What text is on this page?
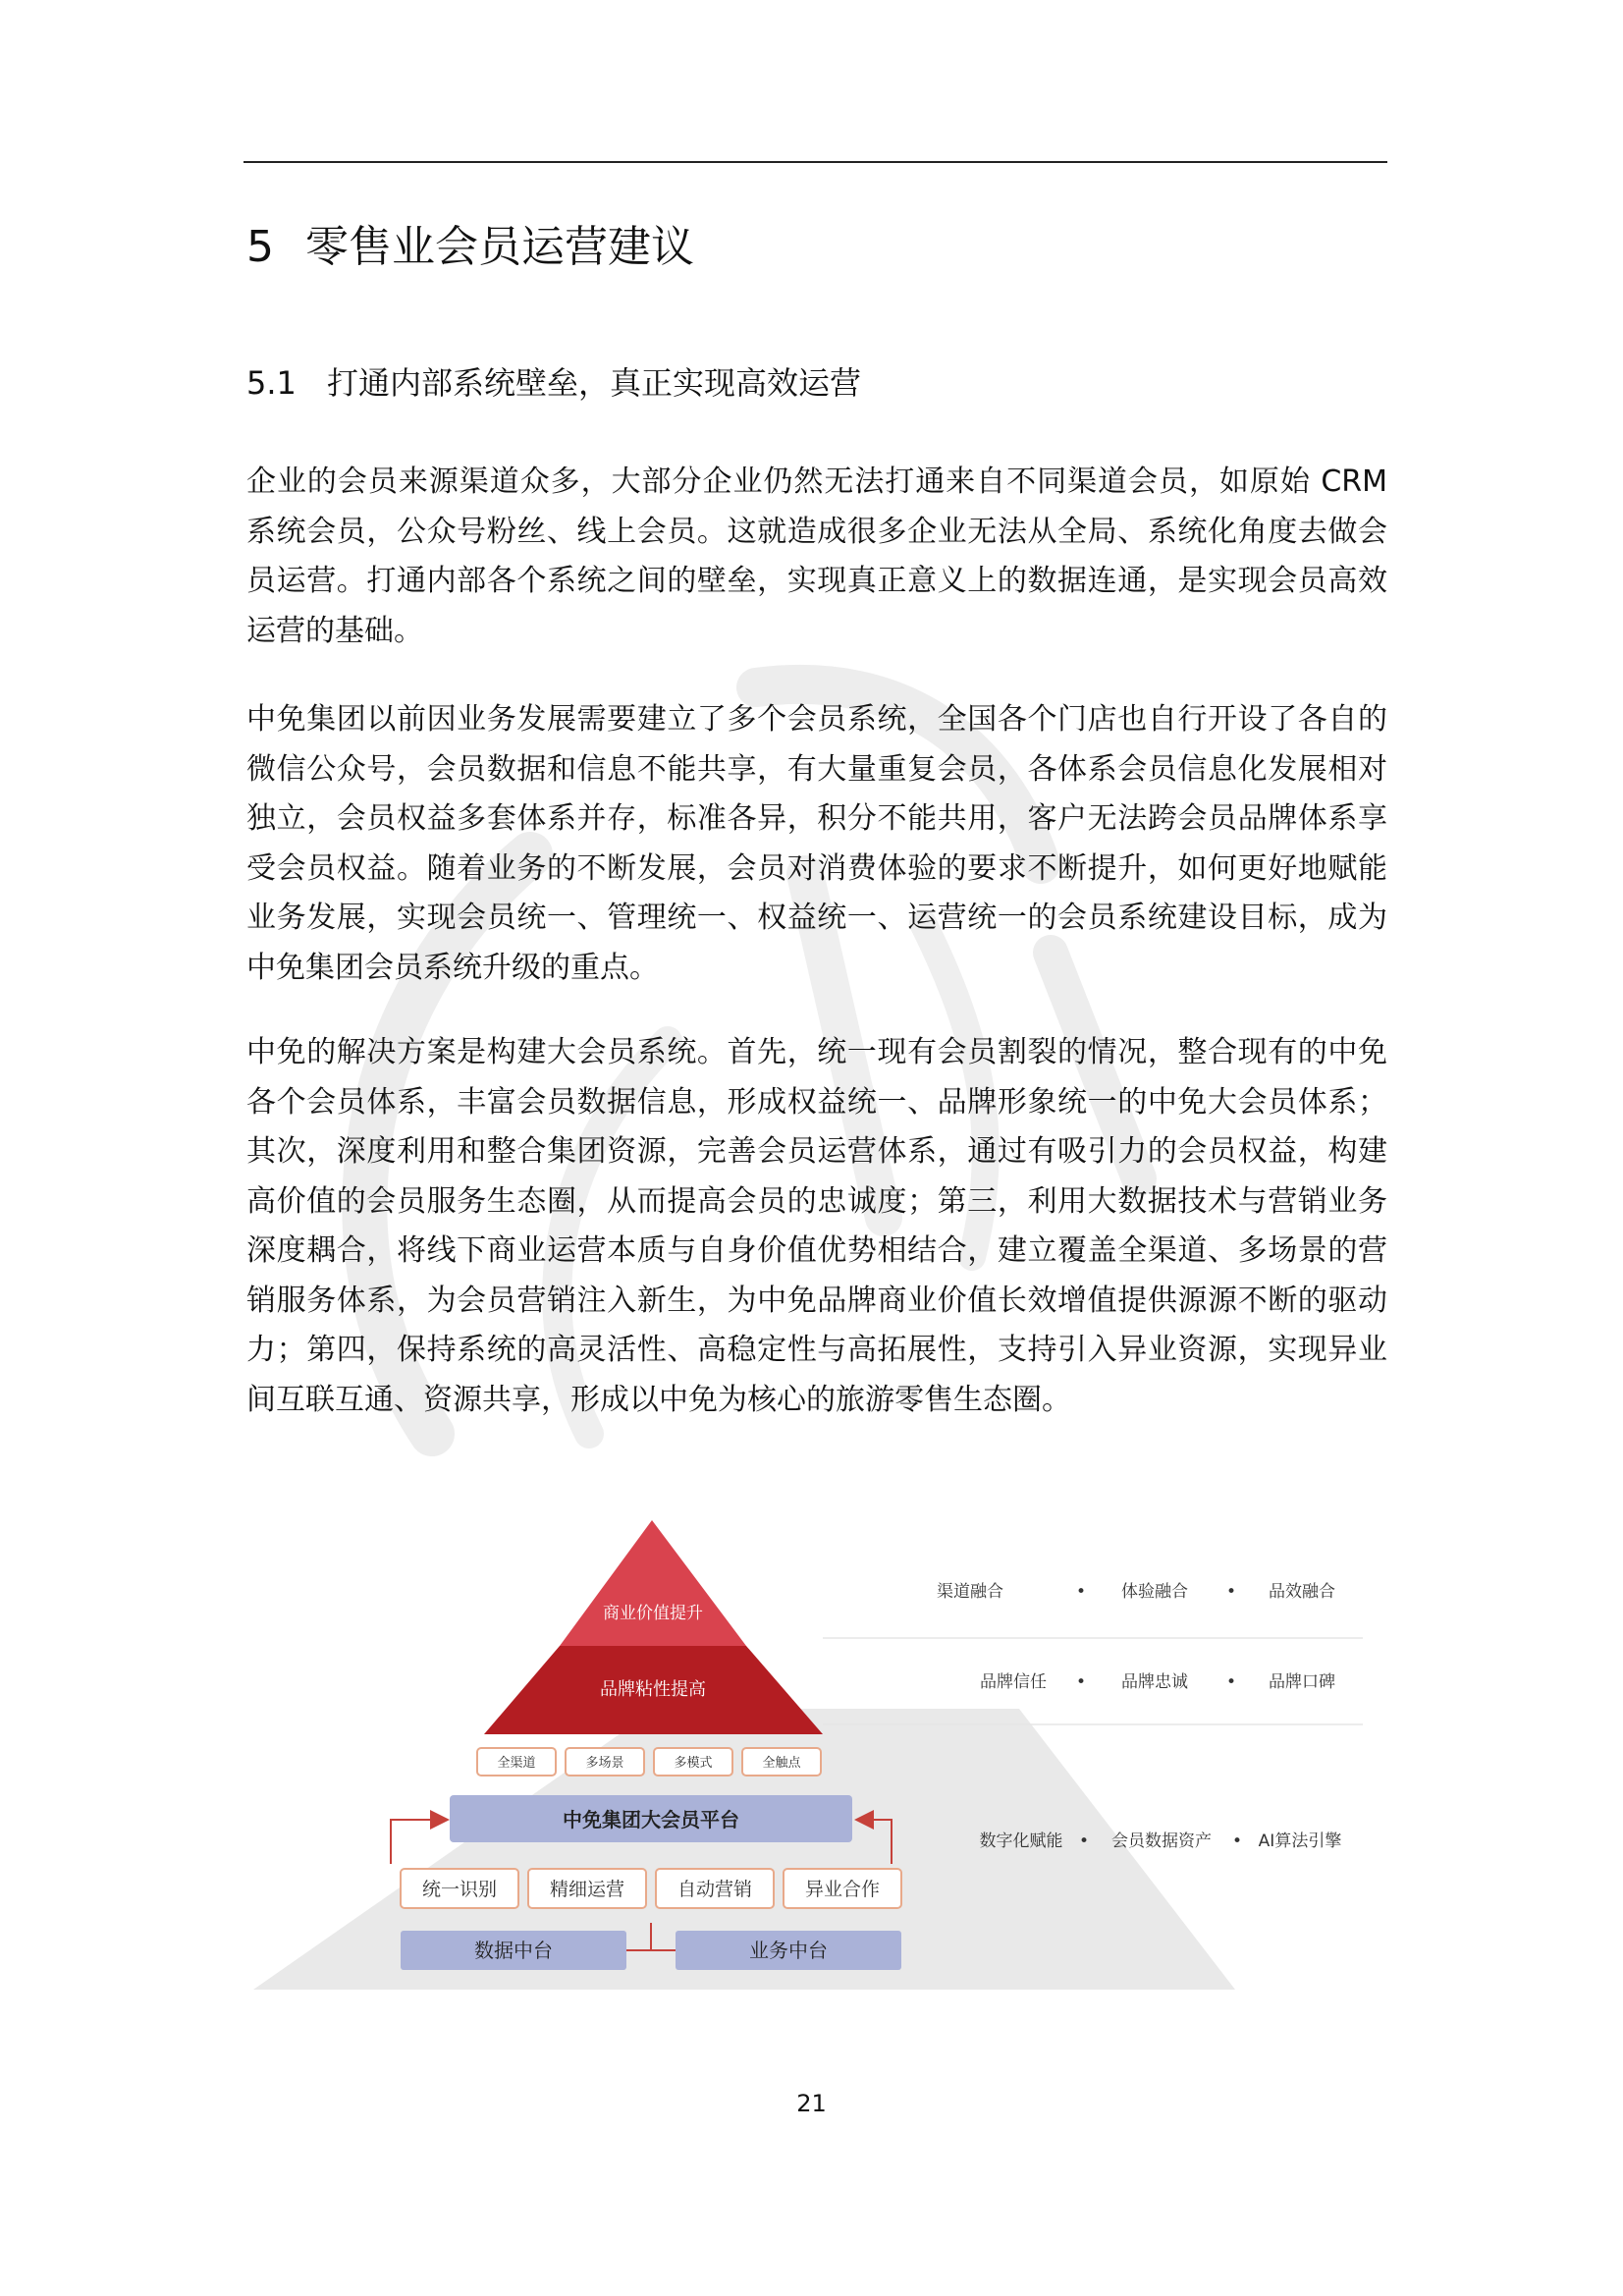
5 零售业会员运营建议
5.1 打通内部系统壁垒，真正实现高效运营

企业的会员来源渠道众多，大部分企业仍然无法打通来自不同渠道会员，如原始 CRM 系统会员，公众号粉丝、线上会员。这就造成很多企业无法从全局、系统化角度去做会员运营。打通内部各个系统之间的壁垒，实现真正意义上的数据连通，是实现会员高效运营的基础。

中免集团以前因业务发展需要建立了多个会员系统，全国各个门店也自行开设了各自的微信公众号，会员数据和信息不能共享，有大量重复会员，各体系会员信息化发展相对独立，会员权益多套体系并存，标准各异，积分不能共用，客户无法跨会员品牌体系享受会员权益。随着业务的不断发展，会员对消费体验的要求不断提升，如何更好地赋能业务发展，实现会员统一、管理统一、权益统一、运营统一的会员系统建设目标，成为中免集团会员系统升级的重点。

中免的解决方案是构建大会员系统。首先，统一现有会员割裂的情况，整合现有的中免各个会员体系，丰富会员数据信息，形成权益统一、品牌形象统一的中免大会员体系；其次，深度利用和整合集团资源，完善会员运营体系，通过有吸引力的会员权益，构建高价值的会员服务生态圈，从而提高会员的忠诚度；第三，利用大数据技术与营销业务深度耦合，将线下商业运营本质与自身价值优势相结合，建立覆盖全渠道、多场景的营销服务体系，为会员营销注入新生，为中免品牌商业价值长效增值提供源源不断的驱动力；第四，保持系统的高灵活性、高稳定性与高拓展性，支持引入异业资源，实现异业间互联互通、资源共享，形成以中免为核心的旅游零售生态圈。

商业价值提升
品牌粘性提高
全渠道	多场景	多模式	全触点
中免集团大会员平台
统一识别	精细运营	自动营销	异业合作
数据中台	业务中台
渠道融合	• 体验融合 • 品效融合
品牌信任 • 品牌忠诚 • 品牌口碑
数字化赋能 • 会员数据资产 • AI算法引擎
21
